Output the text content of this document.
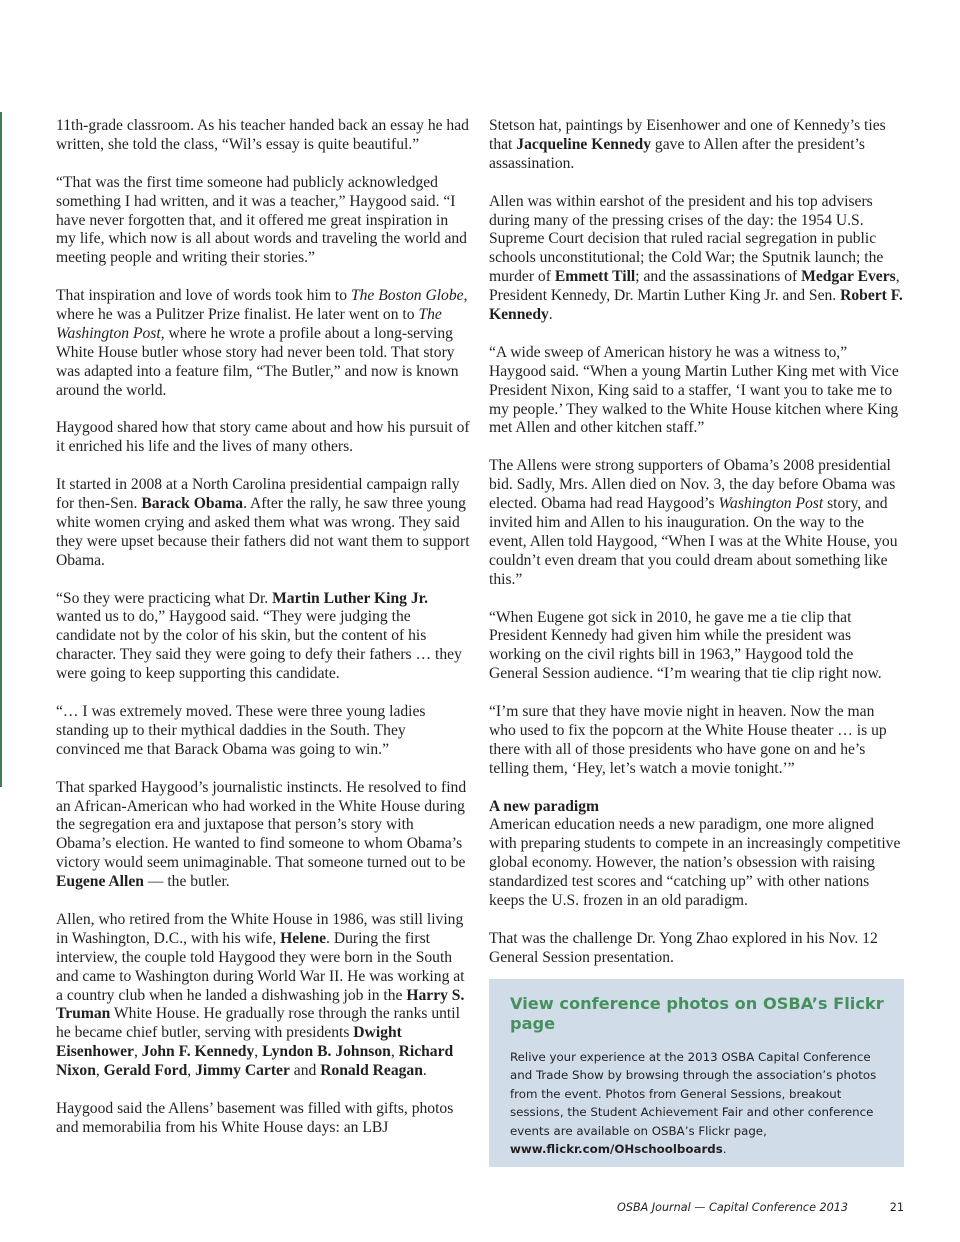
11th-grade classroom. As his teacher handed back an essay he had written, she told the class, “Wil’s essay is quite beautiful.”

“That was the first time someone had publicly acknowledged something I had written, and it was a teacher,” Haygood said. “I have never forgotten that, and it offered me great inspiration in my life, which now is all about words and traveling the world and meeting people and writing their stories.”

That inspiration and love of words took him to The Boston Globe, where he was a Pulitzer Prize finalist. He later went on to The Washington Post, where he wrote a profile about a long-serving White House butler whose story had never been told. That story was adapted into a feature film, “The Butler,” and now is known around the world.

Haygood shared how that story came about and how his pursuit of it enriched his life and the lives of many others.

It started in 2008 at a North Carolina presidential campaign rally for then-Sen. Barack Obama. After the rally, he saw three young white women crying and asked them what was wrong. They said they were upset because their fathers did not want them to support Obama.

“So they were practicing what Dr. Martin Luther King Jr. wanted us to do,” Haygood said. “They were judging the candidate not by the color of his skin, but the content of his character. They said they were going to defy their fathers … they were going to keep supporting this candidate.

“… I was extremely moved. These were three young ladies standing up to their mythical daddies in the South. They convinced me that Barack Obama was going to win.”

That sparked Haygood’s journalistic instincts. He resolved to find an African-American who had worked in the White House during the segregation era and juxtapose that person’s story with Obama’s election. He wanted to find someone to whom Obama’s victory would seem unimaginable. That someone turned out to be Eugene Allen — the butler.

Allen, who retired from the White House in 1986, was still living in Washington, D.C., with his wife, Helene. During the first interview, the couple told Haygood they were born in the South and came to Washington during World War II. He was working at a country club when he landed a dishwashing job in the Harry S. Truman White House. He gradually rose through the ranks until he became chief butler, serving with presidents Dwight Eisenhower, John F. Kennedy, Lyndon B. Johnson, Richard Nixon, Gerald Ford, Jimmy Carter and Ronald Reagan.

Haygood said the Allens’ basement was filled with gifts, photos and memorabilia from his White House days: an LBJ

Stetson hat, paintings by Eisenhower and one of Kennedy’s ties that Jacqueline Kennedy gave to Allen after the president’s assassination.

Allen was within earshot of the president and his top advisers during many of the pressing crises of the day: the 1954 U.S. Supreme Court decision that ruled racial segregation in public schools unconstitutional; the Cold War; the Sputnik launch; the murder of Emmett Till; and the assassinations of Medgar Evers, President Kennedy, Dr. Martin Luther King Jr. and Sen. Robert F. Kennedy.

“A wide sweep of American history he was a witness to,” Haygood said. “When a young Martin Luther King met with Vice President Nixon, King said to a staffer, ‘I want you to take me to my people.’ They walked to the White House kitchen where King met Allen and other kitchen staff.”

The Allens were strong supporters of Obama’s 2008 presidential bid. Sadly, Mrs. Allen died on Nov. 3, the day before Obama was elected. Obama had read Haygood’s Washington Post story, and invited him and Allen to his inauguration. On the way to the event, Allen told Haygood, “When I was at the White House, you couldn’t even dream that you could dream about something like this.”

“When Eugene got sick in 2010, he gave me a tie clip that President Kennedy had given him while the president was working on the civil rights bill in 1963,” Haygood told the General Session audience. “I’m wearing that tie clip right now.

“I’m sure that they have movie night in heaven. Now the man who used to fix the popcorn at the White House theater … is up there with all of those presidents who have gone on and he’s telling them, ‘Hey, let’s watch a movie tonight.’”

A new paradigm

American education needs a new paradigm, one more aligned with preparing students to compete in an increasingly competitive global economy. However, the nation’s obsession with raising standardized test scores and “catching up” with other nations keeps the U.S. frozen in an old paradigm.

That was the challenge Dr. Yong Zhao explored in his Nov. 12 General Session presentation.

View conference photos on OSBA’s Flickr page

Relive your experience at the 2013 OSBA Capital Conference and Trade Show by browsing through the association’s photos from the event. Photos from General Sessions, breakout sessions, the Student Achievement Fair and other conference events are available on OSBA’s Flickr page, www.flickr.com/OHschoolboards.

OSBA Journal — Capital Conference 2013	21
